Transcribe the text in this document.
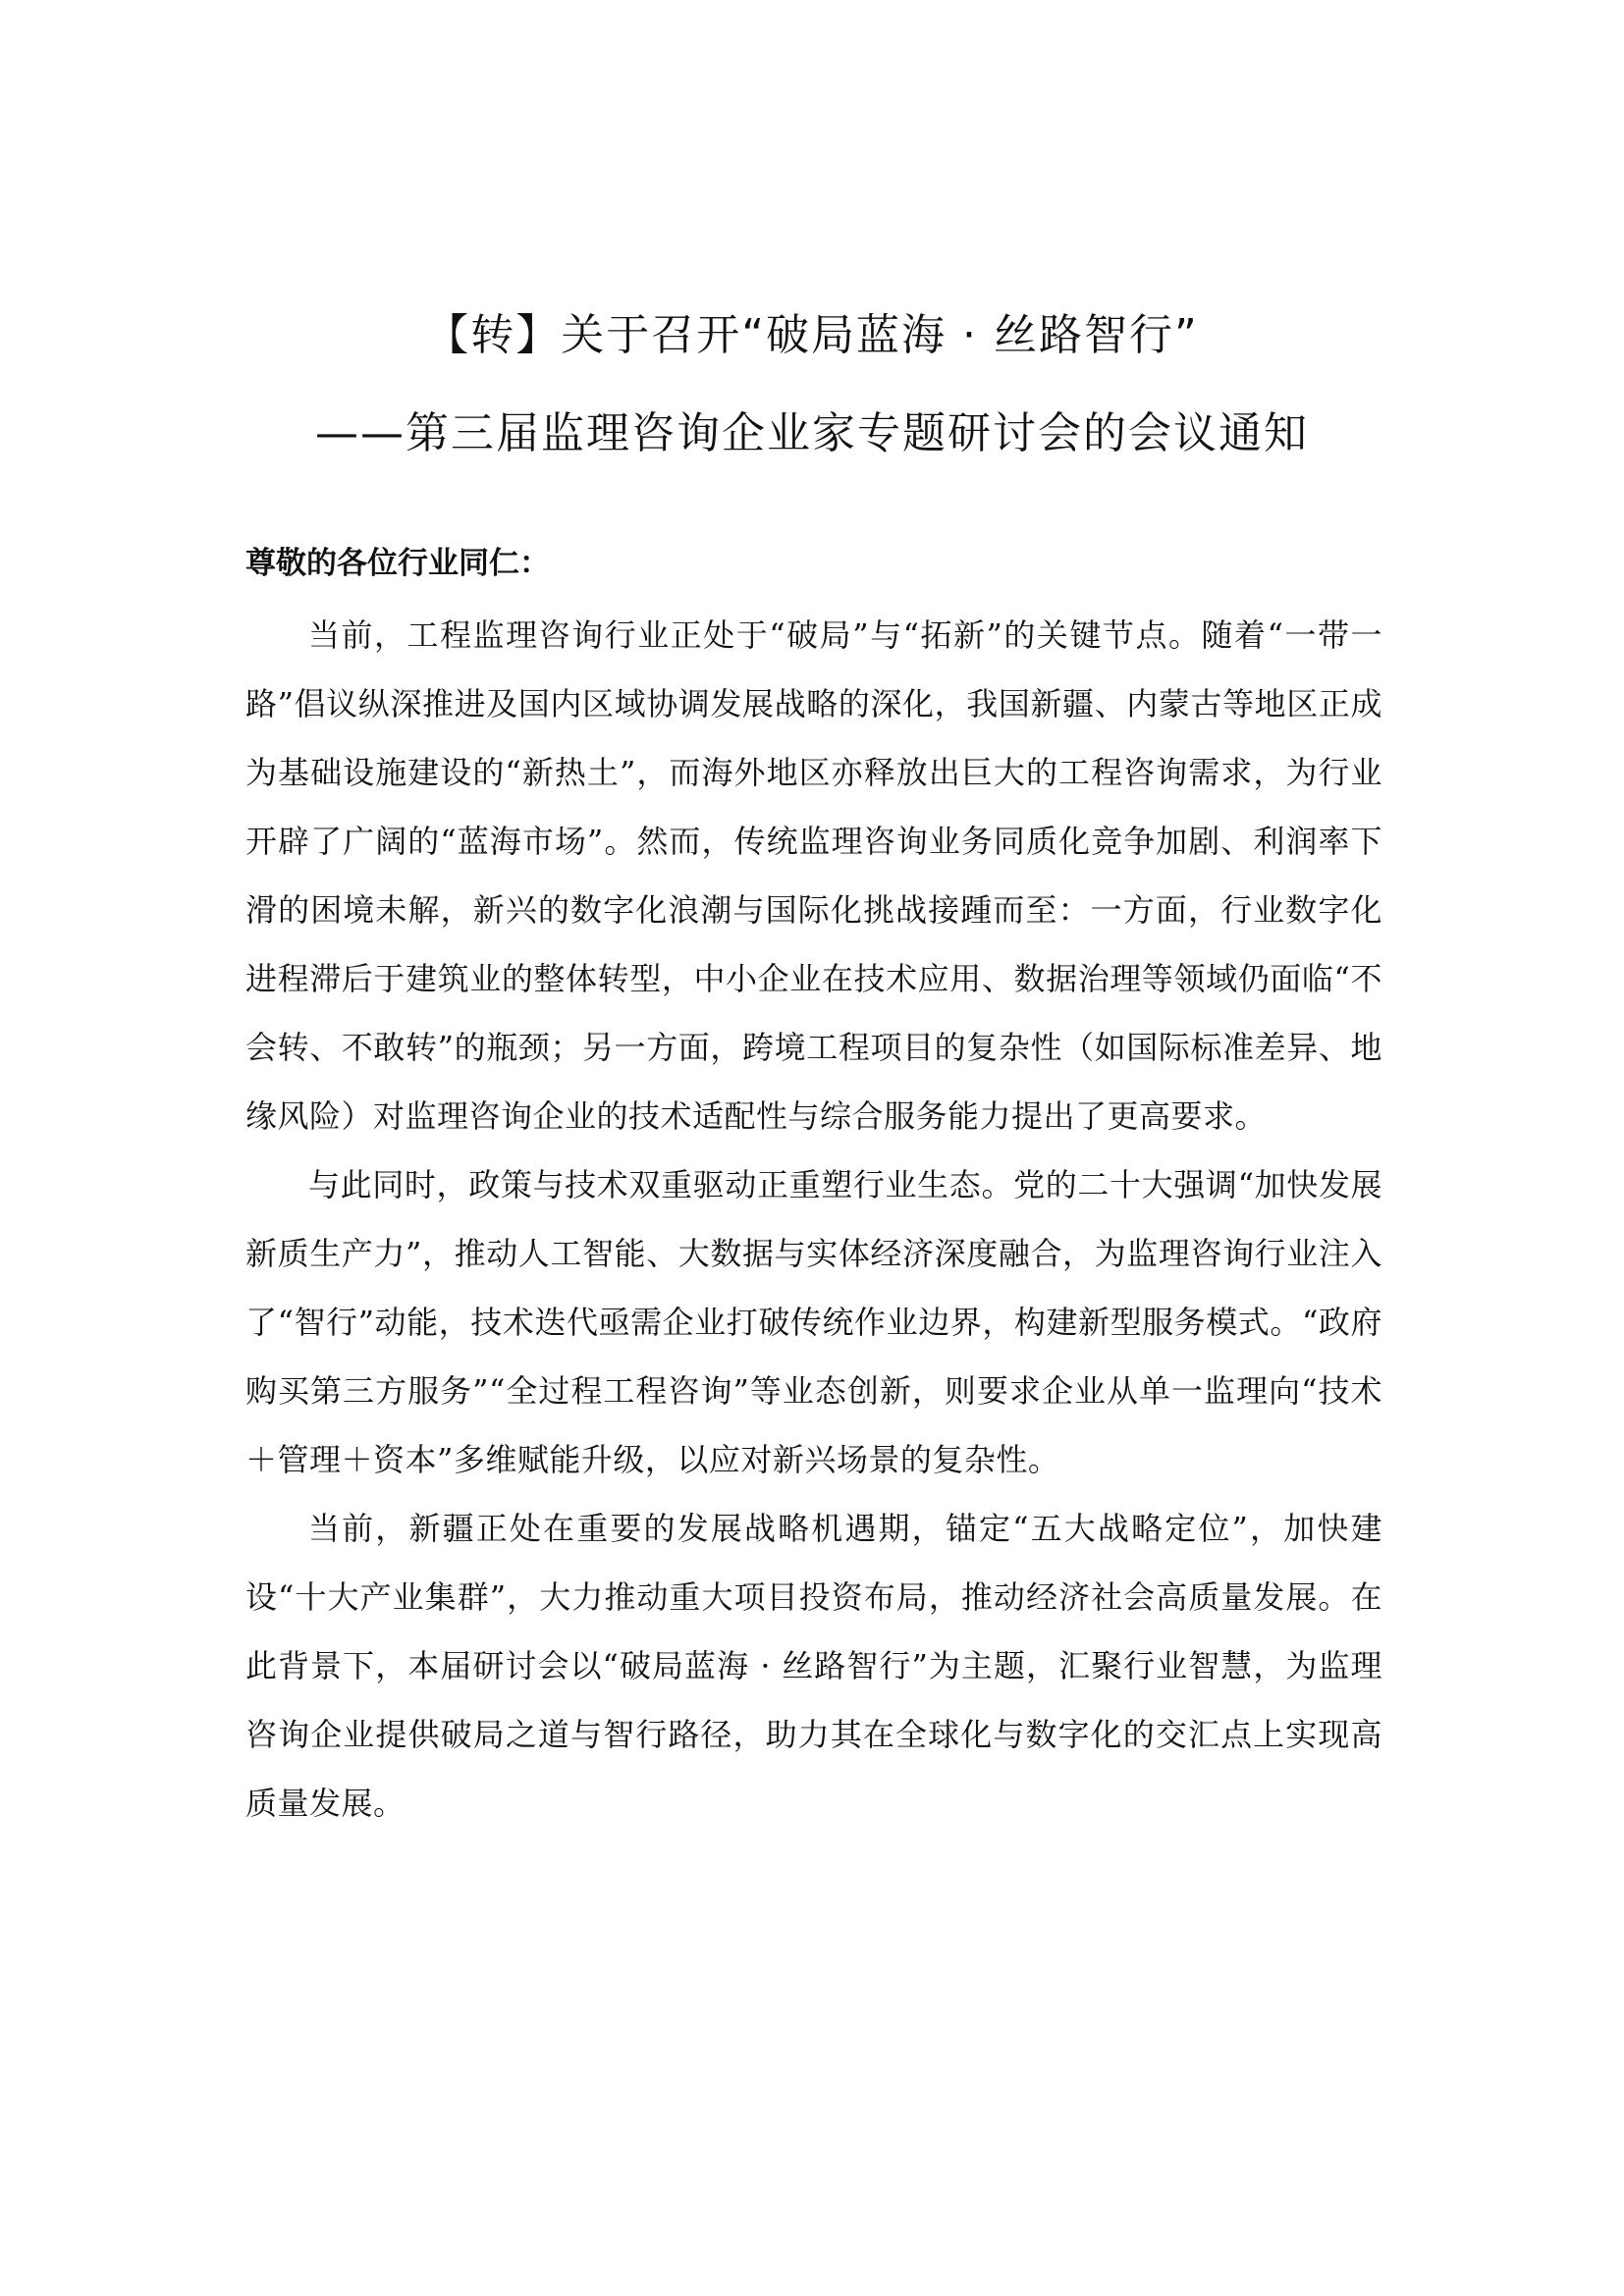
【转】关于召开“破局蓝海 · 丝路智行”
——第三届监理咨询企业家专题研讨会的会议通知
尊敬的各位行业同仁：

当前，工程监理咨询行业正处于“破局”与“拓新”的关键节点。随着“一带一路”倡议纵深推进及国内区域协调发展战略的深化，我国新疆、内蒙古等地区正成为基础设施建设的“新热土”，而海外地区亦释放出巨大的工程咨询需求，为行业开辟了广阔的“蓝海市场”。然而，传统监理咨询业务同质化竞争加剧、利润率下滑的困境未解，新兴的数字化浪潮与国际化挑战接踵而至：一方面，行业数字化进程滞后于建筑业的整体转型，中小企业在技术应用、数据治理等领域仍面临“不会转、不敢转”的瓶颈；另一方面，跨境工程项目的复杂性（如国际标准差异、地缘风险）对监理咨询企业的技术适配性与综合服务能力提出了更高要求。

与此同时，政策与技术双重驱动正重塑行业生态。党的二十大强调“加快发展新质生产力”，推动人工智能、大数据与实体经济深度融合，为监理咨询行业注入了“智行”动能，技术迭代亟需企业打破传统作业边界，构建新型服务模式。“政府购买第三方服务”“全过程工程咨询”等业态创新，则要求企业从单一监理向“技术＋管理＋资本”多维赋能升级，以应对新兴场景的复杂性。

当前，新疆正处在重要的发展战略机遇期，锚定“五大战略定位”，加快建设“十大产业集群”，大力推动重大项目投资布局，推动经济社会高质量发展。在此背景下，本届研讨会以“破局蓝海 · 丝路智行”为主题，汇聚行业智慧，为监理咨询企业提供破局之道与智行路径，助力其在全球化与数字化的交汇点上实现高质量发展。
